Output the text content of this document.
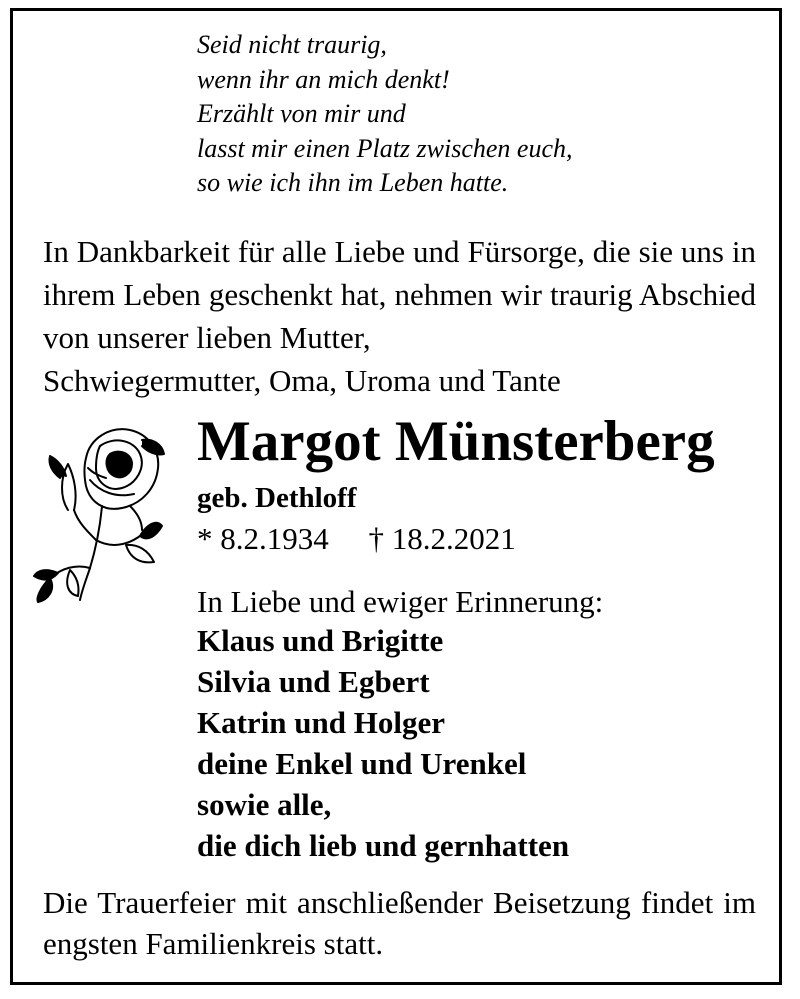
Seid nicht traurig,
wenn ihr an mich denkt!
Erzählt von mir und
lasst mir einen Platz zwischen euch,
so wie ich ihn im Leben hatte.
In Dankbarkeit für alle Liebe und Fürsorge, die sie uns in ihrem Leben geschenkt hat, nehmen wir traurig Abschied von unserer lieben Mutter,
Schwiegermutter, Oma, Uroma und Tante
Margot Münsterberg
geb. Dethloff
* 8.2.1934 † 18.2.2021
In Liebe und ewiger Erinnerung:
Klaus und Brigitte
Silvia und Egbert
Katrin und Holger
deine Enkel und Urenkel
sowie alle,
die dich lieb und gernhatten
Die Trauerfeier mit anschließender Beisetzung findet im engsten Familienkreis statt.
